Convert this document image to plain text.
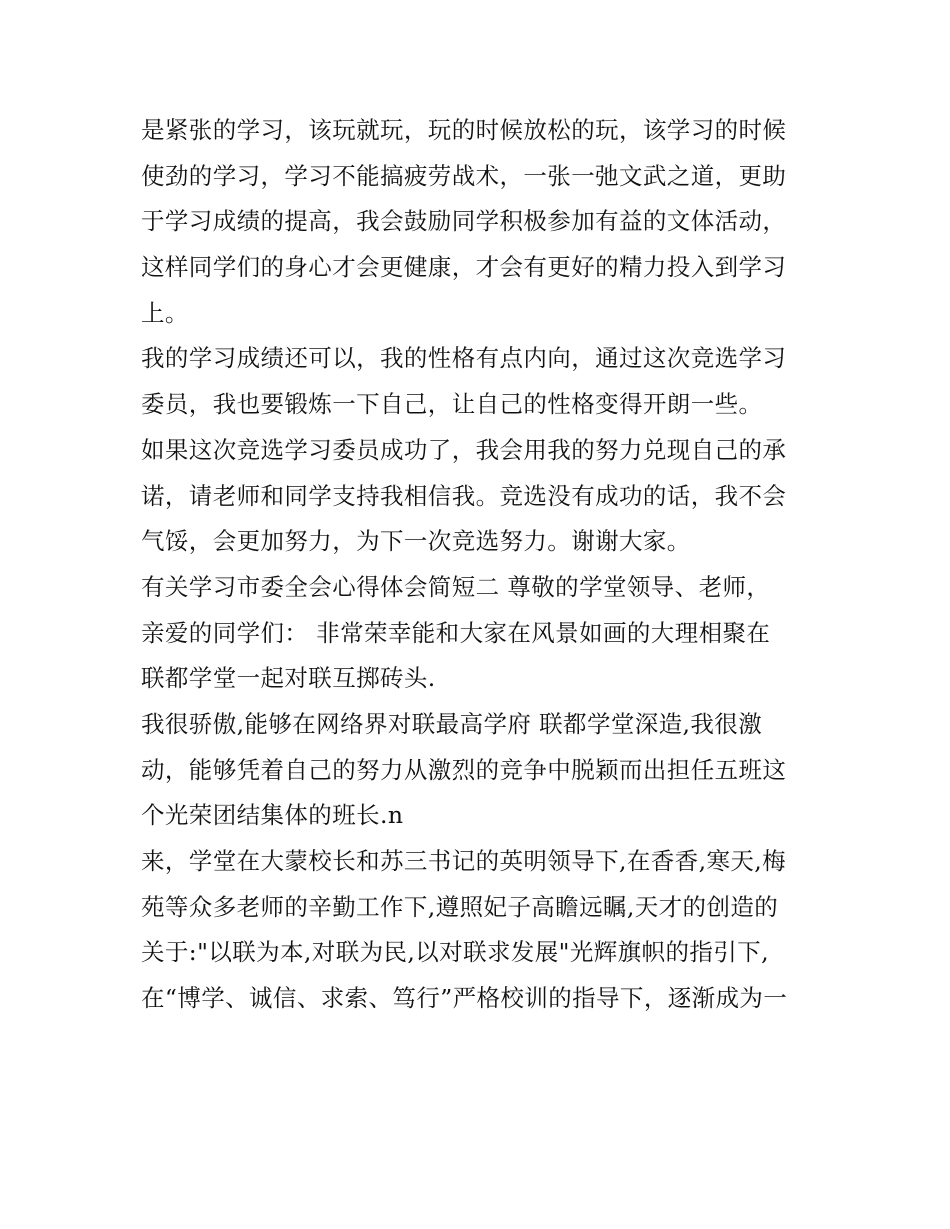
是紧张的学习，该玩就玩，玩的时候放松的玩，该学习的时候
使劲的学习，学习不能搞疲劳战术，一张一弛文武之道，更助
于学习成绩的提高，我会鼓励同学积极参加有益的文体活动，
这样同学们的身心才会更健康，才会有更好的精力投入到学习
上。
我的学习成绩还可以，我的性格有点内向，通过这次竞选学习
委员，我也要锻炼一下自己，让自己的性格变得开朗一些。
如果这次竞选学习委员成功了，我会用我的努力兑现自己的承
诺，请老师和同学支持我相信我。竞选没有成功的话，我不会
气馁，会更加努力，为下一次竞选努力。谢谢大家。
有关学习市委全会心得体会简短二 尊敬的学堂领导、老师，
亲爱的同学们： 非常荣幸能和大家在风景如画的大理相聚在
联都学堂一起对联互掷砖头.
我很骄傲,能够在网络界对联最高学府 联都学堂深造,我很激
动，能够凭着自己的努力从激烈的竞争中脱颖而出担任五班这
个光荣团结集体的班长.n
来，学堂在大蒙校长和苏三书记的英明领导下,在香香,寒天,梅
苑等众多老师的辛勤工作下,遵照妃子高瞻远瞩,天才的创造的
关于:"以联为本,对联为民,以对联求发展"光辉旗帜的指引下,
在“博学、诚信、求索、笃行”严格校训的指导下，逐渐成为一
